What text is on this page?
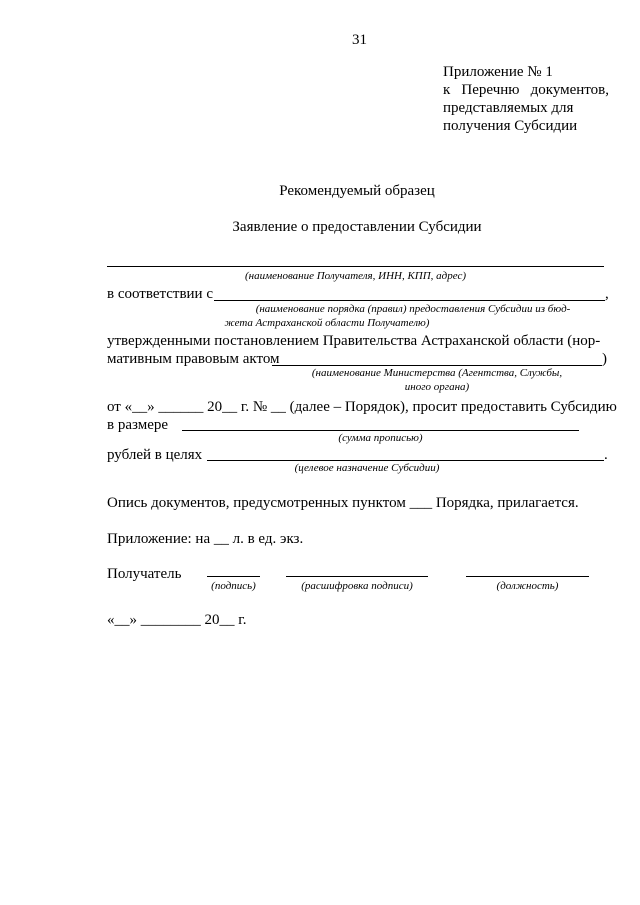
31
Приложение № 1
к Перечню документов,
представляемых для
получения Субсидии
Рекомендуемый образец
Заявление о предоставлении Субсидии
(наименование Получателя, ИНН, КПП, адрес)
в соответствии с	,
(наименование порядка (правил) предоставления Субсидии из бюд-
жета Астраханской области Получателю)
утвержденными постановлением Правительства Астраханской области (нор-
мативным правовым актом	)
(наименование Министерства (Агентства, Службы,
иного органа)
от «__» ______ 20__ г. № __ (далее – Порядок), просит предоставить Субсидию
в размере
(сумма прописью)
рублей в целях	.
(целевое назначение Субсидии)
Опись документов, предусмотренных пунктом ___ Порядка, прилагается.
Приложение: на __ л. в ед. экз.
Получатель
(подпись)	(расшифровка подписи)	(должность)
«__» ________ 20__ г.
